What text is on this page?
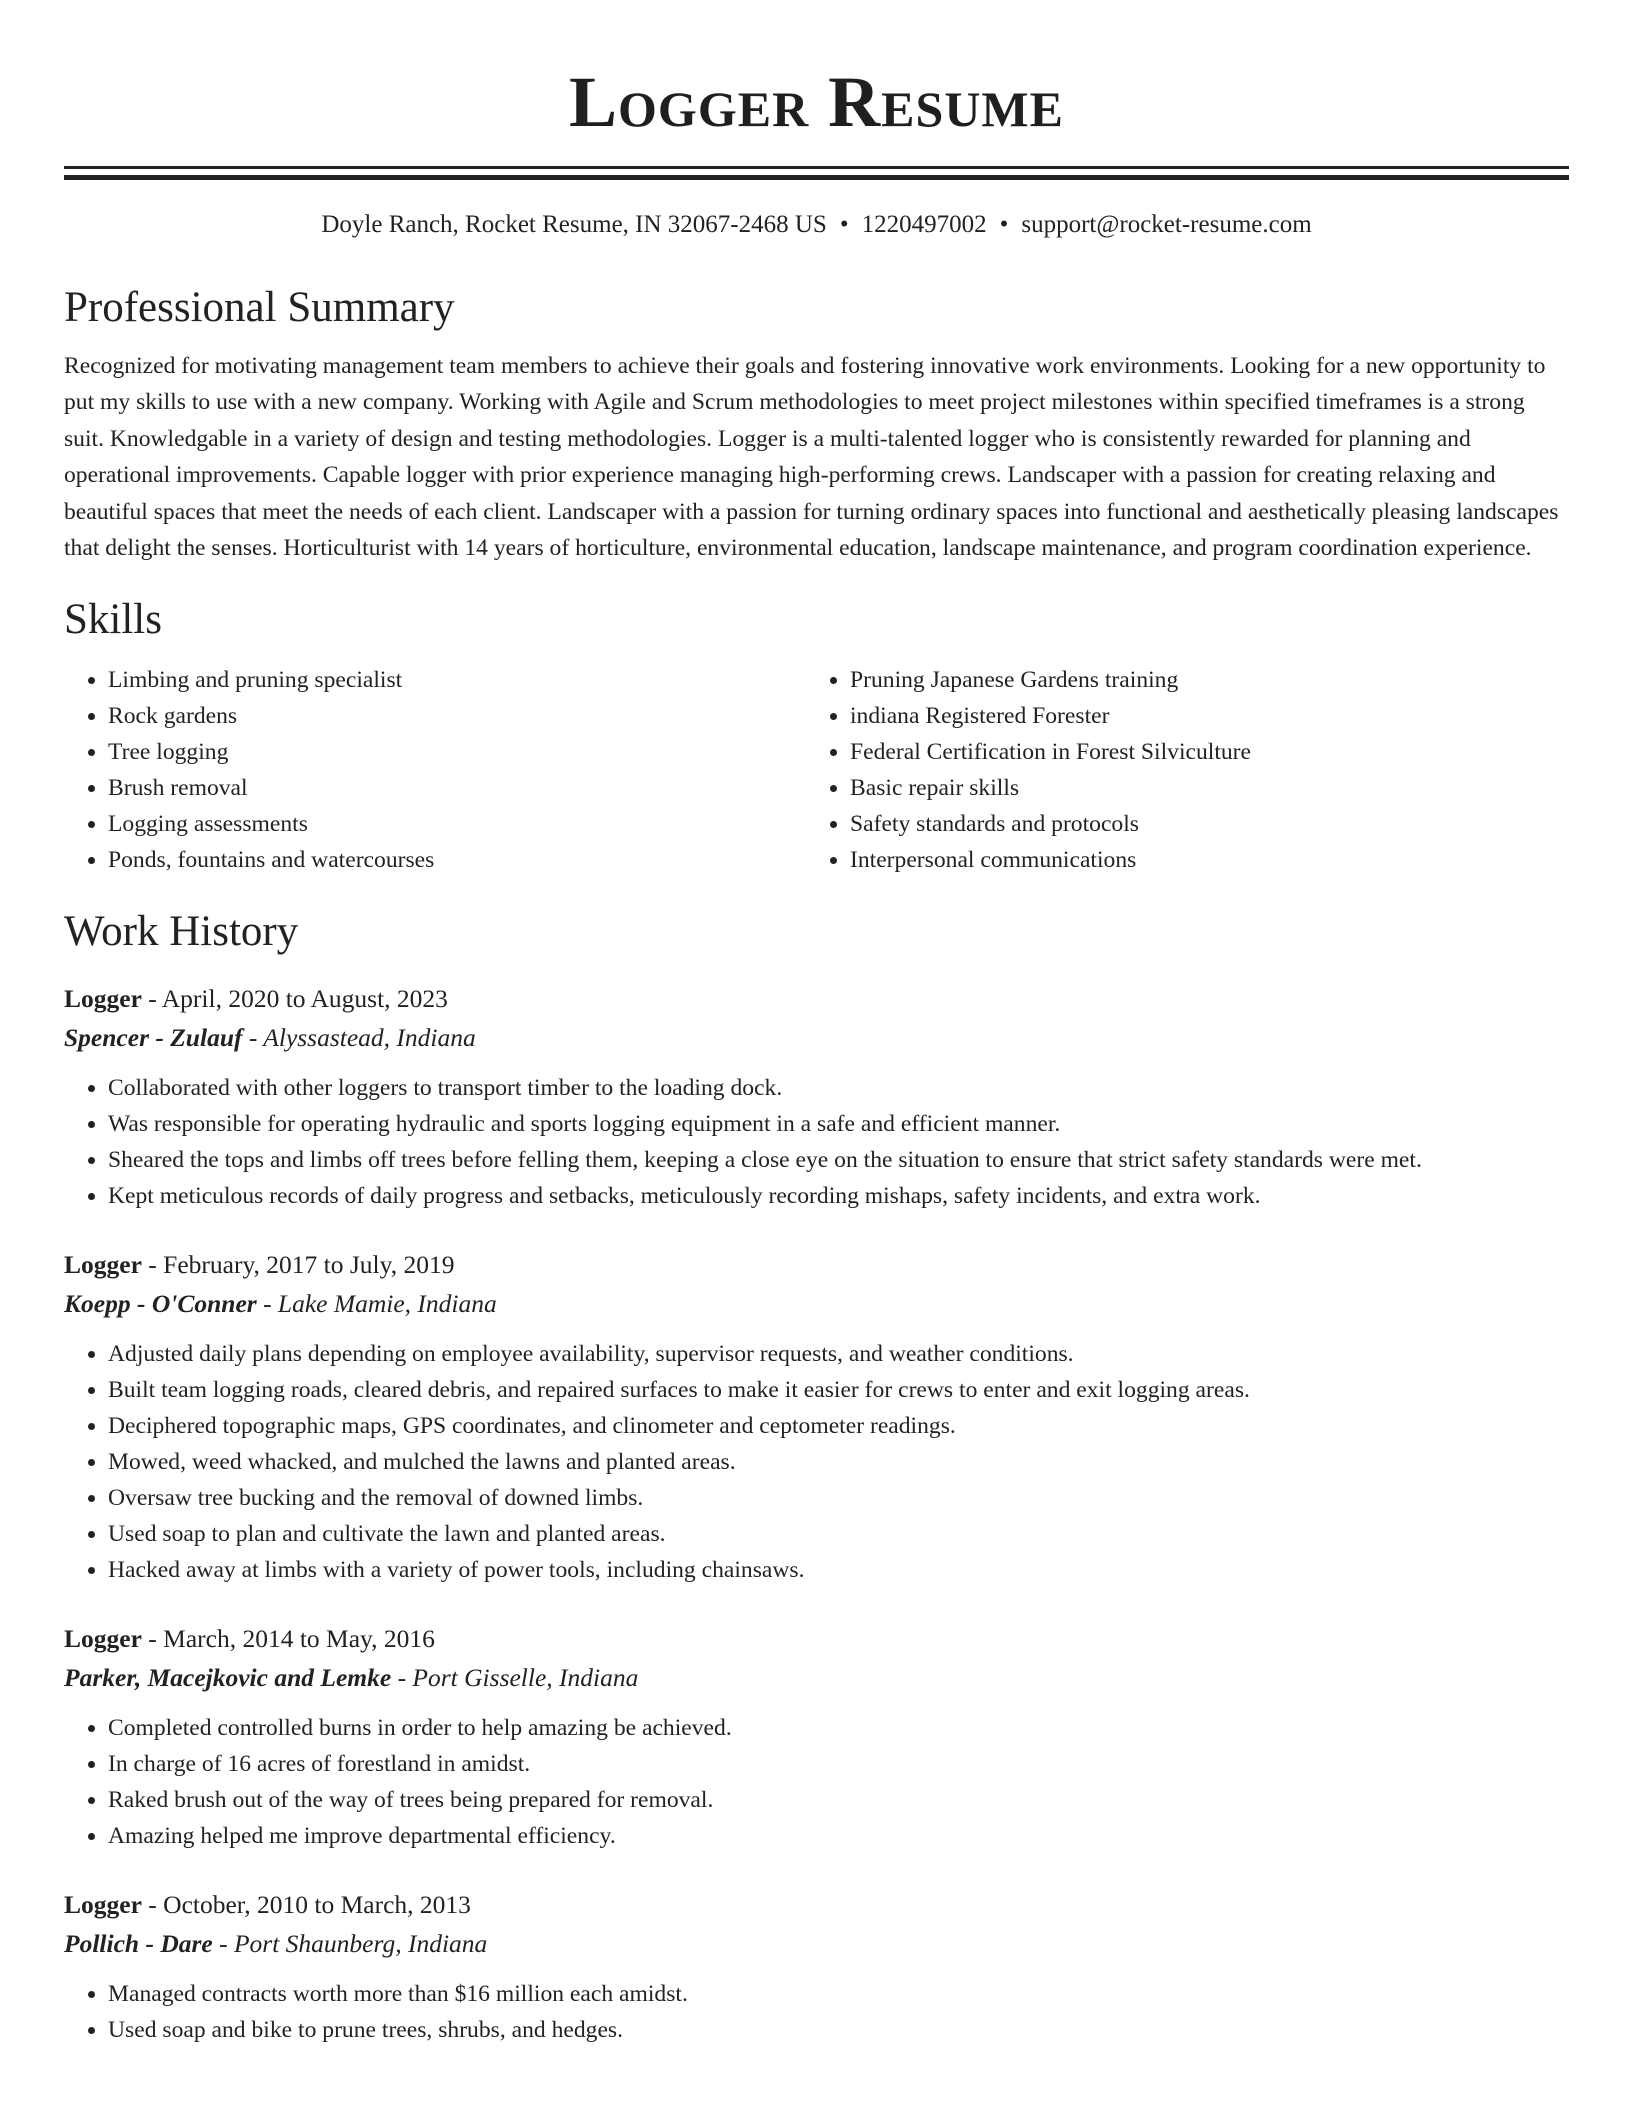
Logger Resume
Doyle Ranch, Rocket Resume, IN 32067-2468 US • 1220497002 • support@rocket-resume.com
Professional Summary
Recognized for motivating management team members to achieve their goals and fostering innovative work environments. Looking for a new opportunity to put my skills to use with a new company. Working with Agile and Scrum methodologies to meet project milestones within specified timeframes is a strong suit. Knowledgable in a variety of design and testing methodologies. Logger is a multi-talented logger who is consistently rewarded for planning and operational improvements. Capable logger with prior experience managing high-performing crews. Landscaper with a passion for creating relaxing and beautiful spaces that meet the needs of each client. Landscaper with a passion for turning ordinary spaces into functional and aesthetically pleasing landscapes that delight the senses. Horticulturist with 14 years of horticulture, environmental education, landscape maintenance, and program coordination experience.
Skills
• Limbing and pruning specialist
• Rock gardens
• Tree logging
• Brush removal
• Logging assessments
• Ponds, fountains and watercourses
• Pruning Japanese Gardens training
• indiana Registered Forester
• Federal Certification in Forest Silviculture
• Basic repair skills
• Safety standards and protocols
• Interpersonal communications
Work History
Logger - April, 2020 to August, 2023
Spencer - Zulauf - Alyssastead, Indiana
• Collaborated with other loggers to transport timber to the loading dock.
• Was responsible for operating hydraulic and sports logging equipment in a safe and efficient manner.
• Sheared the tops and limbs off trees before felling them, keeping a close eye on the situation to ensure that strict safety standards were met.
• Kept meticulous records of daily progress and setbacks, meticulously recording mishaps, safety incidents, and extra work.
Logger - February, 2017 to July, 2019
Koepp - O'Conner - Lake Mamie, Indiana
• Adjusted daily plans depending on employee availability, supervisor requests, and weather conditions.
• Built team logging roads, cleared debris, and repaired surfaces to make it easier for crews to enter and exit logging areas.
• Deciphered topographic maps, GPS coordinates, and clinometer and ceptometer readings.
• Mowed, weed whacked, and mulched the lawns and planted areas.
• Oversaw tree bucking and the removal of downed limbs.
• Used soap to plan and cultivate the lawn and planted areas.
• Hacked away at limbs with a variety of power tools, including chainsaws.
Logger - March, 2014 to May, 2016
Parker, Macejkovic and Lemke - Port Gisselle, Indiana
• Completed controlled burns in order to help amazing be achieved.
• In charge of 16 acres of forestland in amidst.
• Raked brush out of the way of trees being prepared for removal.
• Amazing helped me improve departmental efficiency.
Logger - October, 2010 to March, 2013
Pollich - Dare - Port Shaunberg, Indiana
• Managed contracts worth more than $16 million each amidst.
• Used soap and bike to prune trees, shrubs, and hedges.
